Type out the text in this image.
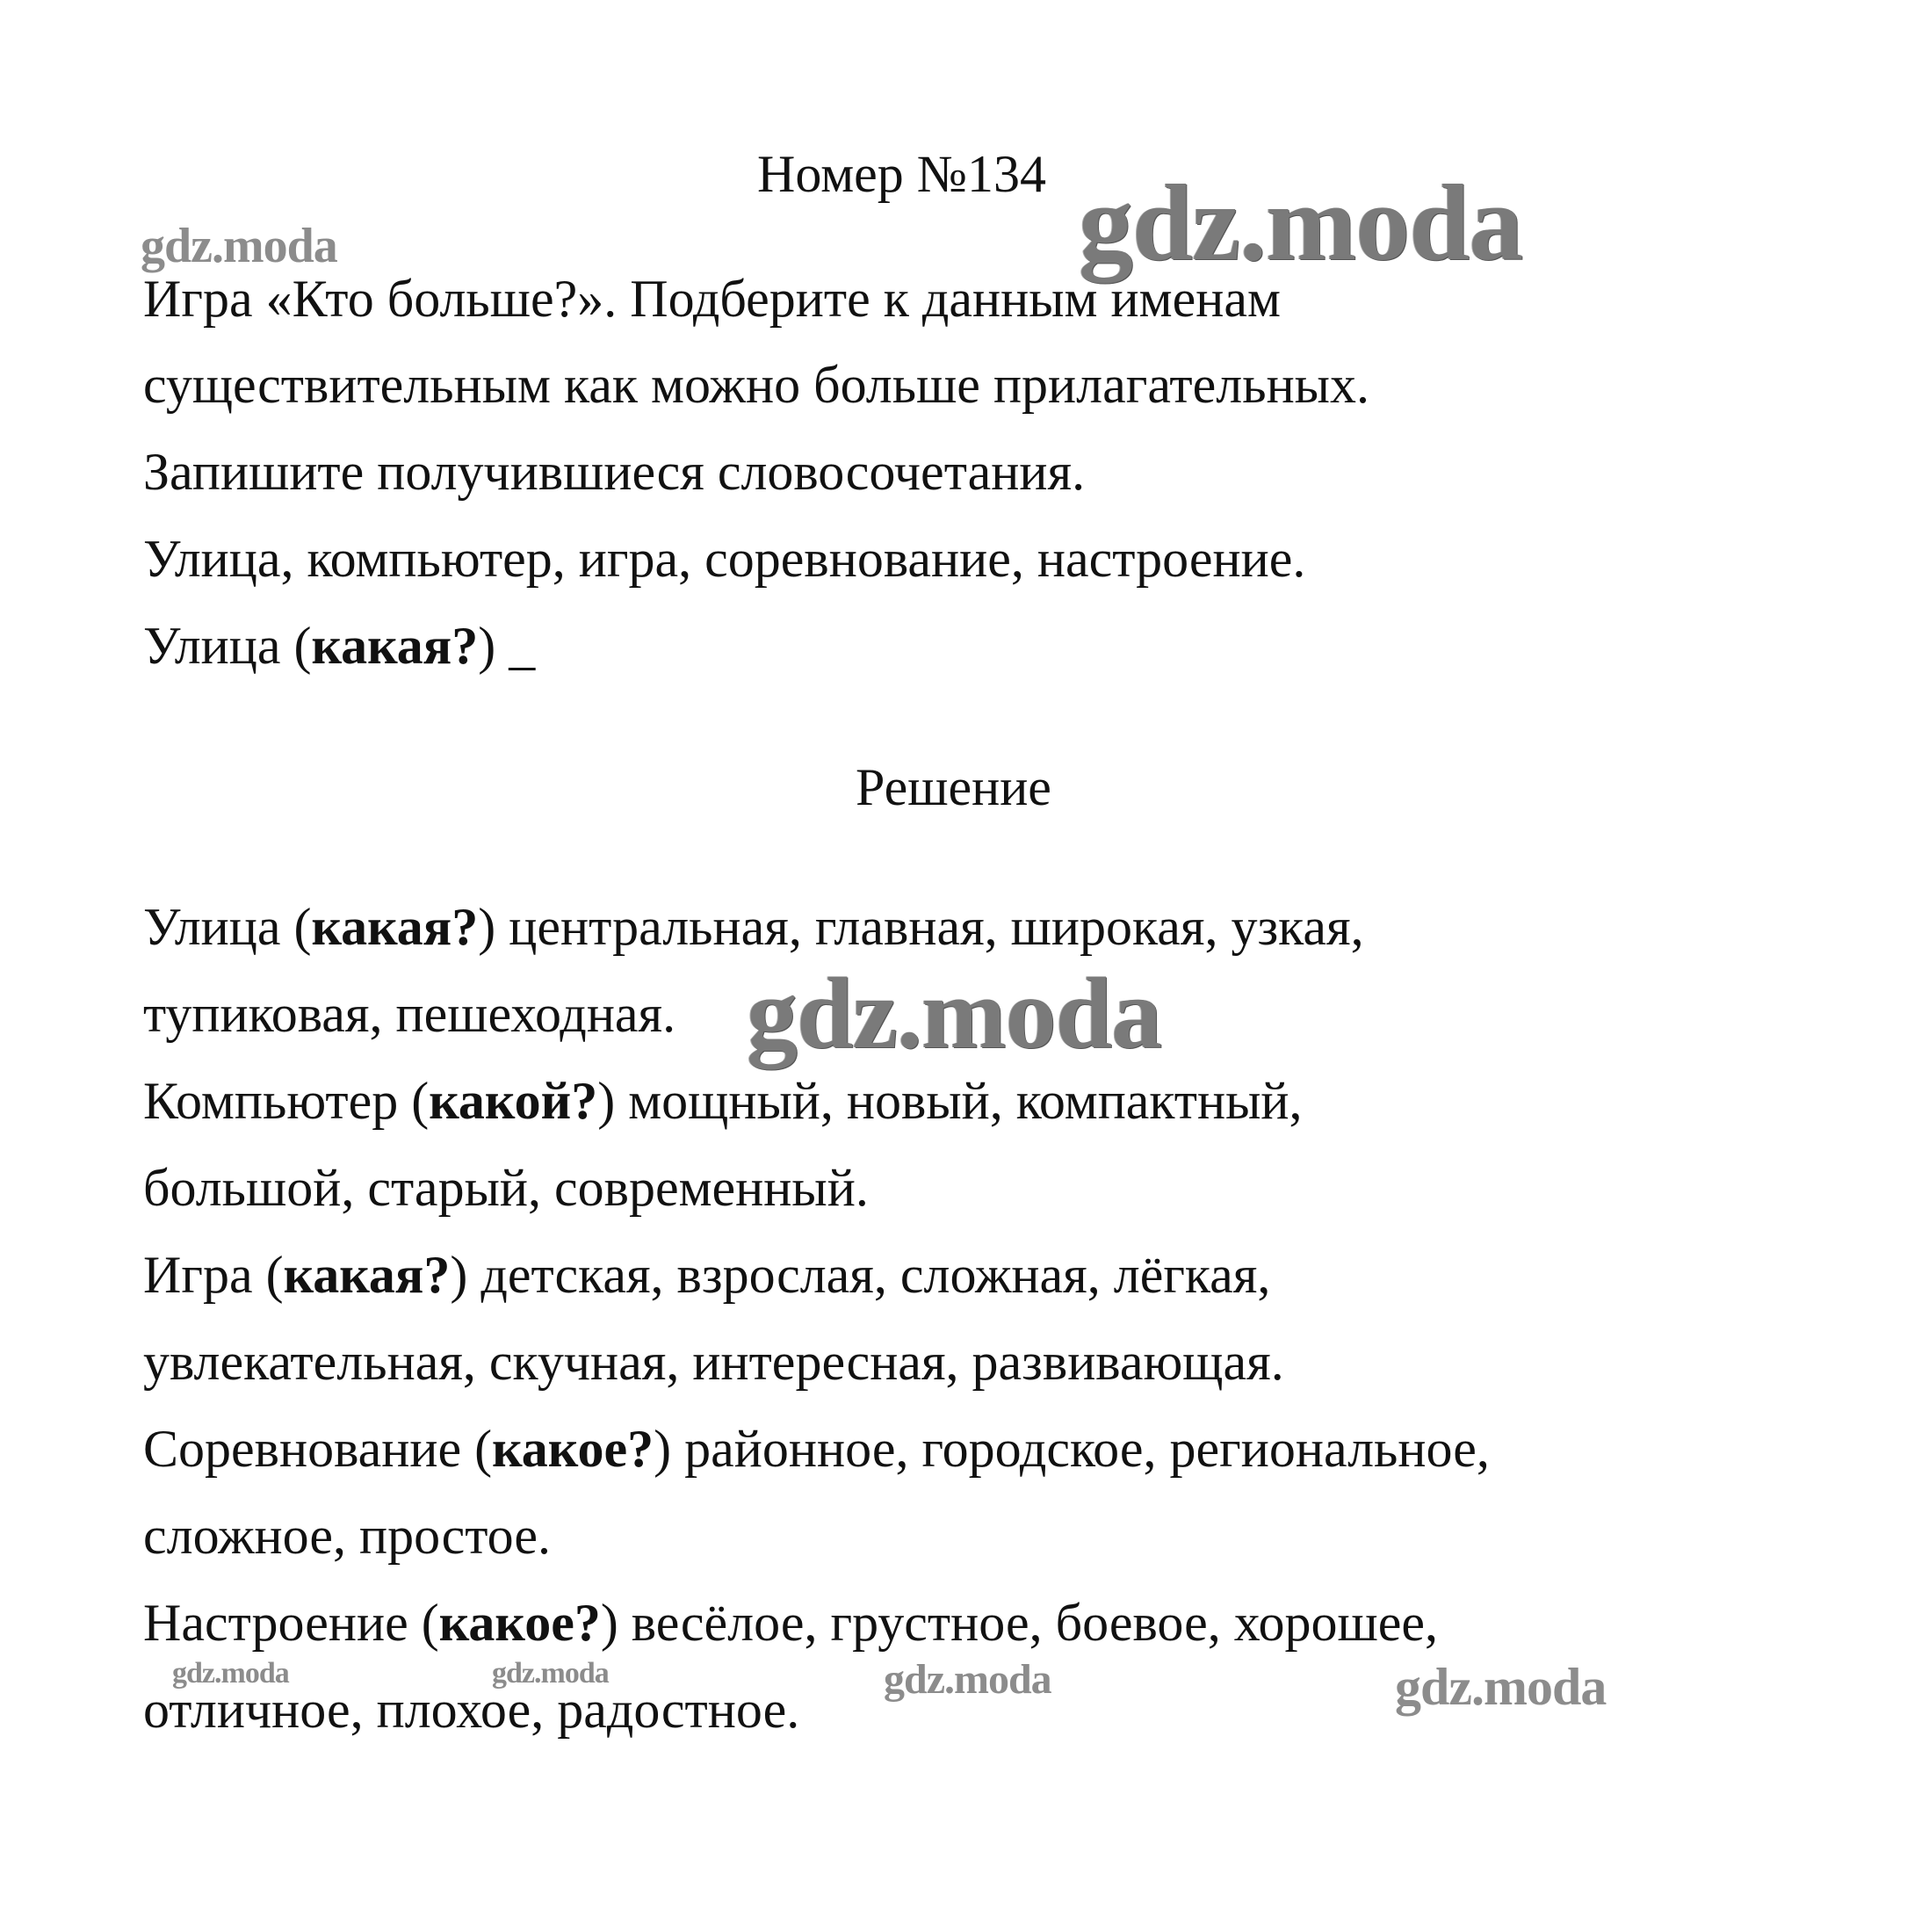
Номер №134
Игра «Кто больше?». Подберите к данным именам
существительным как можно больше прилагательных.
Запишите получившиеся словосочетания.
Улица, компьютер, игра, соревнование, настроение.
Улица (какая?) _
Решение
Улица (какая?) центральная, главная, широкая, узкая,
тупиковая, пешеходная.
Компьютер (какой?) мощный, новый, компактный,
большой, старый, современный.
Игра (какая?) детская, взрослая, сложная, лёгкая,
увлекательная, скучная, интересная, развивающая.
Соревнование (какое?) районное, городское, региональное,
сложное, простое.
Настроение (какое?) весёлое, грустное, боевое, хорошее,
отличное, плохое, радостное.
gdz.moda	gdz.moda
gdz.moda
gdz.moda	gdz.moda	gdz.moda	gdz.moda
